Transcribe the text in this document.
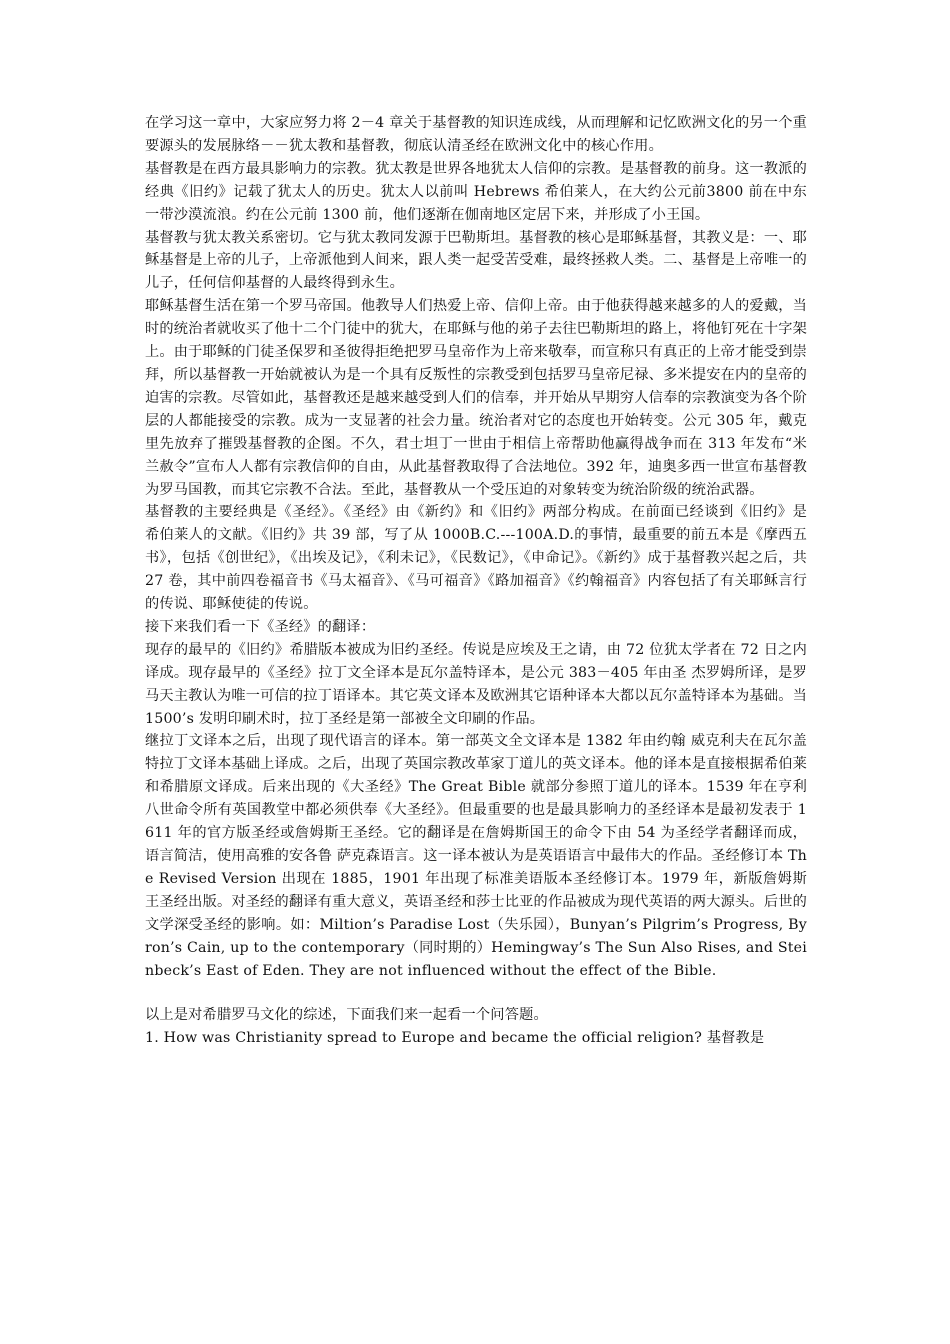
在学习这一章中，大家应努力将 2－4 章关于基督教的知识连成线，从而理解和记忆欧洲文化的另一个重要源头的发展脉络－－犹太教和基督教，彻底认清圣经在欧洲文化中的核心作用。

基督教是在西方最具影响力的宗教。犹太教是世界各地犹太人信仰的宗教。是基督教的前身。这一教派的经典《旧约》记载了犹太人的历史。犹太人以前叫 Hebrews 希伯莱人，在大约公元前3800 前在中东一带沙漠流浪。约在公元前 1300 前，他们逐渐在伽南地区定居下来，并形成了小王国。

基督教与犹太教关系密切。它与犹太教同发源于巴勒斯坦。基督教的核心是耶稣基督，其教义是：一、耶稣基督是上帝的儿子，上帝派他到人间来，跟人类一起受苦受难，最终拯救人类。二、基督是上帝唯一的儿子，任何信仰基督的人最终得到永生。

耶稣基督生活在第一个罗马帝国。他教导人们热爱上帝、信仰上帝。由于他获得越来越多的人的爱戴，当时的统治者就收买了他十二个门徒中的犹大，在耶稣与他的弟子去往巴勒斯坦的路上，将他钉死在十字架上。由于耶稣的门徒圣保罗和圣彼得拒绝把罗马皇帝作为上帝来敬奉，而宣称只有真正的上帝才能受到崇拜，所以基督教一开始就被认为是一个具有反叛性的宗教受到包括罗马皇帝尼禄、多米提安在内的皇帝的迫害的宗教。尽管如此，基督教还是越来越受到人们的信奉，并开始从早期穷人信奉的宗教演变为各个阶层的人都能接受的宗教。成为一支显著的社会力量。统治者对它的态度也开始转变。公元 305 年，戴克里先放弃了摧毁基督教的企图。不久，君士坦丁一世由于相信上帝帮助他赢得战争而在 313 年发布“米兰赦令”宣布人人都有宗教信仰的自由，从此基督教取得了合法地位。392 年，迪奥多西一世宣布基督教为罗马国教，而其它宗教不合法。至此，基督教从一个受压迫的对象转变为统治阶级的统治武器。

基督教的主要经典是《圣经》。《圣经》由《新约》和《旧约》两部分构成。在前面已经谈到《旧约》是希伯莱人的文献。《旧约》共 39 部，写了从 1000B.C.---100A.D.的事情，最重要的前五本是《摩西五书》，包括《创世纪》，《出埃及记》，《利未记》，《民数记》，《申命记》。《新约》成于基督教兴起之后，共 27 卷，其中前四卷福音书《马太福音》、《马可福音》《路加福音》《约翰福音》内容包括了有关耶稣言行的传说、耶稣使徒的传说。

接下来我们看一下《圣经》的翻译：

现存的最早的《旧约》希腊版本被成为旧约圣经。传说是应埃及王之请，由 72 位犹太学者在 72 日之内译成。现存最早的《圣经》拉丁文全译本是瓦尔盖特译本，是公元 383－405 年由圣 杰罗姆所译，是罗马天主教认为唯一可信的拉丁语译本。其它英文译本及欧洲其它语种译本大都以瓦尔盖特译本为基础。当 1500’s 发明印刷术时，拉丁圣经是第一部被全文印刷的作品。

继拉丁文译本之后，出现了现代语言的译本。第一部英文全文译本是 1382 年由约翰 威克利夫在瓦尔盖特拉丁文译本基础上译成。之后，出现了英国宗教改革家丁道儿的英文译本。他的译本是直接根据希伯莱和希腊原文译成。后来出现的《大圣经》The Great Bible 就部分参照丁道儿的译本。1539 年在亨利八世命令所有英国教堂中都必须供奉《大圣经》。但最重要的也是最具影响力的圣经译本是最初发表于 1611 年的官方版圣经或詹姆斯王圣经。它的翻译是在詹姆斯国王的命令下由 54 为圣经学者翻译而成，语言简洁，使用高雅的安各鲁 萨克森语言。这一译本被认为是英语语言中最伟大的作品。圣经修订本 The Revised Version 出现在 1885，1901 年出现了标准美语版本圣经修订本。1979 年，新版詹姆斯王圣经出版。对圣经的翻译有重大意义，英语圣经和莎士比亚的作品被成为现代英语的两大源头。后世的文学深受圣经的影响。如：Miltion’s Paradise Lost（失乐园），Bunyan’s Pilgrim’s Progress, Byron’s Cain, up to the contemporary（同时期的）Hemingway’s The Sun Also Rises, and Steinbeck’s East of Eden. They are not influenced without the effect of the Bible.

以上是对希腊罗马文化的综述，下面我们来一起看一个问答题。

1. How was Christianity spread to Europe and became the official religion? 基督教是
